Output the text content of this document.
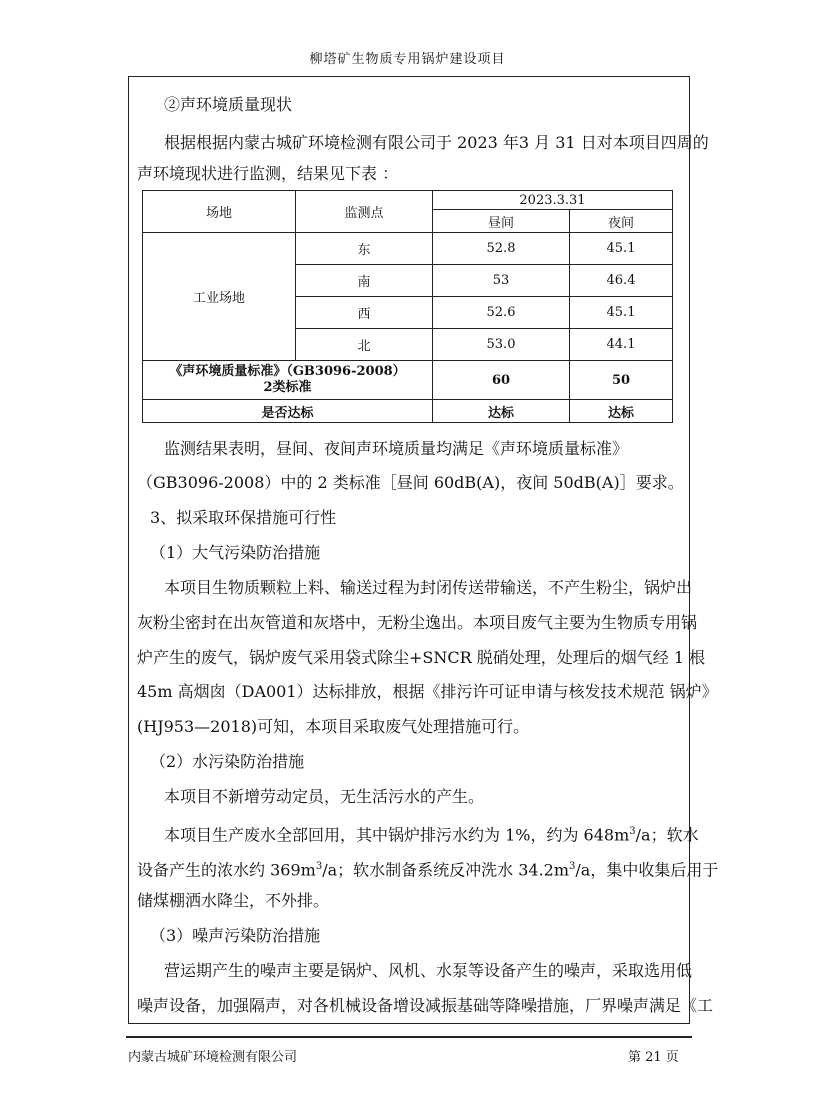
柳塔矿生物质专用锅炉建设项目
②声环境质量现状
根据根据内蒙古城矿环境检测有限公司于 2023 年3 月 31 日对本项目四周的
声环境现状进行监测，结果见下表 ：
场地	监测点	2023.3.31	
		昼间	夜间
工业场地	东	52.8	45.1
	南	53	46.4
	西	52.6	45.1
	北	53.0	44.1

《声环境质量标准》（GB3096-2008）
2类标准		60	50
是否达标		达标	达标
监测结果表明，昼间、夜间声环境质量均满足《声环境质量标准》
（GB3096-2008）中的 2 类标准［昼间 60dB(A)，夜间 50dB(A)］要求。
3、拟采取环保措施可行性
（1）大气污染防治措施
本项目生物质颗粒上料、输送过程为封闭传送带输送，不产生粉尘，锅炉出
灰粉尘密封在出灰管道和灰塔中，无粉尘逸出。本项目废气主要为生物质专用锅
炉产生的废气，锅炉废气采用袋式除尘+SNCR 脱硝处理，处理后的烟气经 1 根
45m 高烟囱（DA001）达标排放，根据《排污许可证申请与核发技术规范 锅炉》
(HJ953—2018)可知，本项目采取废气处理措施可行。
（2）水污染防治措施
本项目不新增劳动定员，无生活污水的产生。
本项目生产废水全部回用，其中锅炉排污水约为 1%，约为 $648m^3/a$；软水
设备产生的浓水约 $369m^3/a$；软水制备系统反冲洗水 $34.2m^3/a$，集中收集后用于
储煤棚洒水降尘，不外排。
（3）噪声污染防治措施
营运期产生的噪声主要是锅炉、风机、水泵等设备产生的噪声，采取选用低
噪声设备，加强隔声，对各机械设备增设减振基础等降噪措施，厂界噪声满足《工
内蒙古城矿环境检测有限公司	第 21 页
